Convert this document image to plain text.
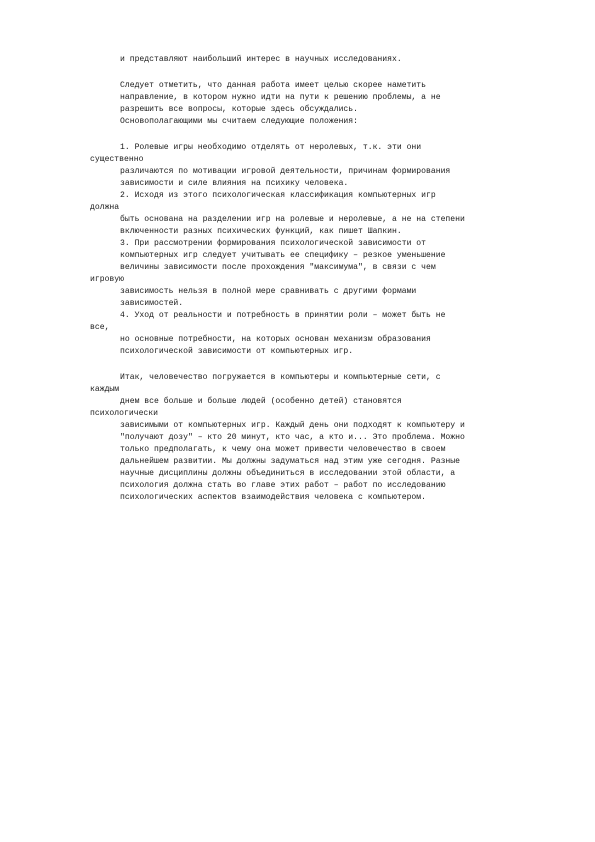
и представляют наибольший интерес в научных исследованиях.
Следует отметить, что данная работа имеет целью скорее наметить
направление, в котором нужно идти на пути к решению проблемы, а не
разрешить все вопросы, которые здесь обсуждались.
Основополагающими мы считаем следующие положения:
1. Ролевые игры необходимо отделять от неролевых, т.к. эти они
существенно
различаются по мотивации игровой деятельности, причинам формирования
зависимости и силе влияния на психику человека.
2. Исходя из этого психологическая классификация компьютерных игр
должна
быть основана на разделении игр на ролевые и неролевые, а не на степени
включенности разных психических функций, как пишет Шапкин.
3. При рассмотрении формирования психологической зависимости от
компьютерных игр следует учитывать ее специфику – резкое уменьшение
величины зависимости после прохождения "максимума", в связи с чем
игровую
зависимость нельзя в полной мере сравнивать с другими формами
зависимостей.
4. Уход от реальности и потребность в принятии роли – может быть не
все,
но основные потребности, на которых основан механизм образования
психологической зависимости от компьютерных игр.
Итак, человечество погружается в компьютеры и компьютерные сети, с
каждым
днем все больше и больше людей (особенно детей) становятся
психологически
зависимыми от компьютерных игр. Каждый день они подходят к компьютеру и
"получают дозу" – кто 20 минут, кто час, а кто и... Это проблема. Можно
только предполагать, к чему она может привести человечество в своем
дальнейшем развитии. Мы должны задуматься над этим уже сегодня. Разные
научные дисциплины должны объединиться в исследовании этой области, а
психология должна стать во главе этих работ – работ по исследованию
психологических аспектов взаимодействия человека с компьютером.
